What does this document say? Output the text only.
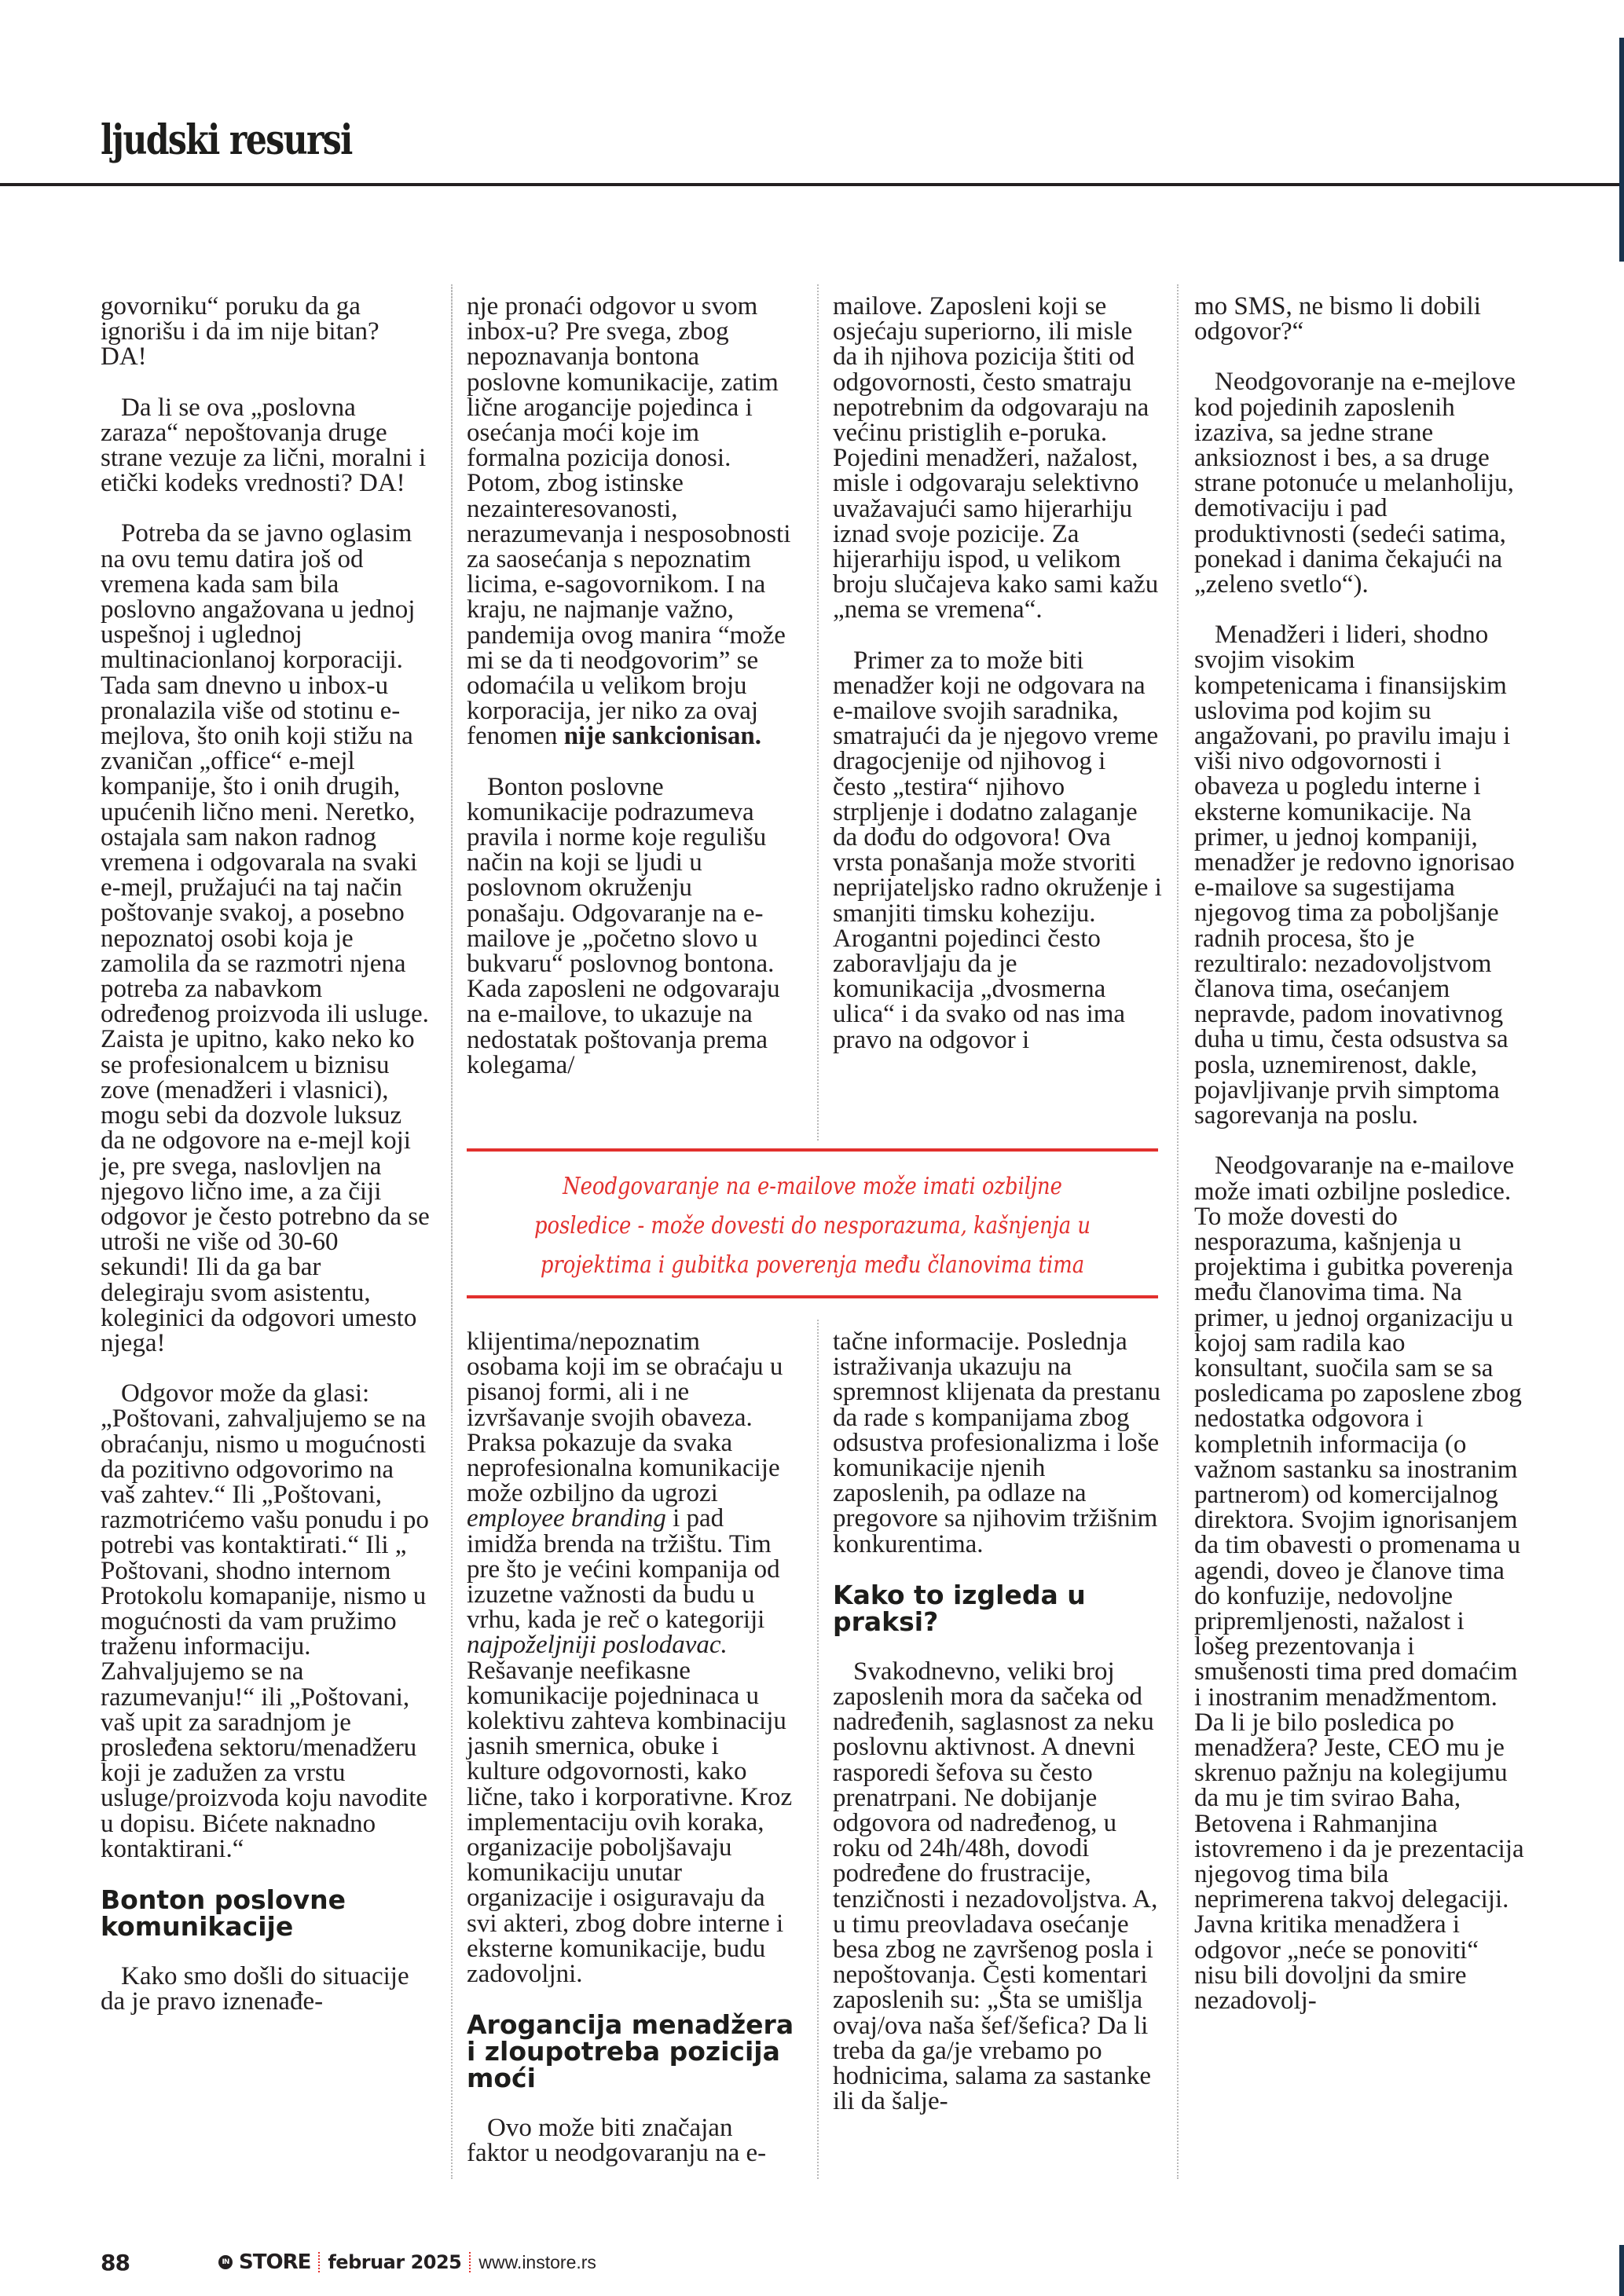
ljudski resursi

govorniku“ poruku da ga ignorišu i da im nije bitan? DA!

Da li se ova „poslovna zaraza“ nepoštovanja druge strane vezuje za lični, moralni i etički kodeks vrednosti? DA!

Potreba da se javno oglasim na ovu temu datira još od vremena kada sam bila poslovno angažovana u jednoj uspešnoj i uglednoj multinacionlanoj korporaciji. Tada sam dnevno u inbox-u pronalazila više od stotinu e-mejlova, što onih koji stižu na zvaničan „office“ e-mejl kompanije, što i onih drugih, upućenih lično meni. Neretko, ostajala sam nakon radnog vremena i odgovarala na svaki e-mejl, pružajući na taj način poštovanje svakoj, a posebno nepoznatoj osobi koja je zamolila da se razmotri njena potreba za nabavkom određenog proizvoda ili usluge. Zaista je upitno, kako neko ko se profesionalcem u biznisu zove (menadžeri i vlasnici), mogu sebi da dozvole luksuz da ne odgovore na e-mejl koji je, pre svega, naslovljen na njegovo lično ime, a za čiji odgovor je često potrebno da se utroši ne više od 30-60 sekundi! Ili da ga bar delegiraju svom asistentu, koleginici da odgovori umesto njega!

Odgovor može da glasi: „Poštovani, zahvaljujemo se na obraćanju, nismo u mogućnosti da pozitivno odgovorimo na vaš zahtev.“ Ili „Poštovani, razmotrićemo vašu ponudu i po potrebi vas kontaktirati.“ Ili „ Poštovani, shodno internom Protokolu komapanije, nismo u mogućnosti da vam pružimo traženu informaciju. Zahvaljujemo se na razumevanju!“ ili „Poštovani, vaš upit za saradnjom je prosleđena sektoru/menadžeru koji je zadužen za vrstu usluge/proizvoda koju navodite u dopisu. Bićete naknadno kontaktirani.“

Bonton poslovne komunikacije

Kako smo došli do situacije da je pravo iznenađe-

nje pronaći odgovor u svom inbox-u? Pre svega, zbog nepoznavanja bontona poslovne komunikacije, zatim lične arogancije pojedinca i osećanja moći koje im formalna pozicija donosi. Potom, zbog istinske nezainteresovanosti, nerazumevanja i nesposobnosti za saosećanja s nepoznatim licima, e-sagovornikom. I na kraju, ne najmanje važno, pandemija ovog manira “može mi se da ti neodgovorim” se odomaćila u velikom broju korporacija, jer niko za ovaj fenomen nije sankcionisan.

Bonton poslovne komunikacije podrazumeva pravila i norme koje regulišu način na koji se ljudi u poslovnom okruženju ponašaju. Odgovaranje na e-mailove je „početno slovo u bukvaru“ poslovnog bontona. Kada zaposleni ne odgovaraju na e-mailove, to ukazuje na nedostatak poštovanja prema kolegama/

mailove. Zaposleni koji se osjećaju superiorno, ili misle da ih njihova pozicija štiti od odgovornosti, često smatraju nepotrebnim da odgovaraju na većinu pristiglih e-poruka. Pojedini menadžeri, nažalost, misle i odgovaraju selektivno uvažavajući samo hijerarhiju iznad svoje pozicije. Za hijerarhiju ispod, u velikom broju slučajeva kako sami kažu „nema se vremena“.

Primer za to može biti menadžer koji ne odgovara na e-mailove svojih saradnika, smatrajući da je njegovo vreme dragocjenije od njihovog i često „testira“ njihovo strpljenje i dodatno zalaganje da dođu do odgovora! Ova vrsta ponašanja može stvoriti neprijateljsko radno okruženje i smanjiti timsku koheziju. Arogantni pojedinci često zaboravljaju da je komunikacija „dvosmerna ulica“ i da svako od nas ima pravo na odgovor i

mo SMS, ne bismo li dobili odgovor?“

Neodgovoranje na e-mejlove kod pojedinih zaposlenih izaziva, sa jedne strane anksioznost i bes, a sa druge strane potonuće u melanholiju, demotivaciju i pad produktivnosti (sedeći satima, ponekad i danima čekajući na „zeleno svetlo“).

Menadžeri i lideri, shodno svojim visokim kompetenicama i finansijskim uslovima pod kojim su angažovani, po pravilu imaju i viši nivo odgovornosti i obaveza u pogledu interne i eksterne komunikacije. Na primer, u jednoj kompaniji, menadžer je redovno ignorisao e-mailove sa sugestijama njegovog tima za poboljšanje radnih procesa, što je rezultiralo: nezadovoljstvom članova tima, osećanjem nepravde, padom inovativnog duha u timu, česta odsustva sa posla, uznemirenost, dakle, pojavljivanje prvih simptoma sagorevanja na poslu.

Neodgovaranje na e-mailove može imati ozbiljne posledice. To može dovesti do nesporazuma, kašnjenja u projektima i gubitka poverenja među članovima tima. Na primer, u jednoj organizaciju u kojoj sam radila kao konsultant, suočila sam se sa posledicama po zaposlene zbog nedostatka odgovora i kompletnih informacija (o važnom sastanku sa inostranim partnerom) od komercijalnog direktora. Svojim ignorisanjem da tim obavesti o promenama u agendi, doveo je članove tima do konfuzije, nedovoljne pripremljenosti, nažalost i lošeg prezentovanja i smušenosti tima pred domaćim i inostranim menadžmentom. Da li je bilo posledica po menadžera? Jeste, CEO mu je skrenuo pažnju na kolegijumu da mu je tim svirao Baha, Betovena i Rahmanjina istovremeno i da je prezentacija njegovog tima bila neprimerena takvoj delegaciji. Javna kritika menadžera i odgovor „neće se ponoviti“ nisu bili dovoljni da smire nezadovolj-

Neodgovaranje na e-mailove može imati ozbiljne
posledice - može dovesti do nesporazuma, kašnjenja u
projektima i gubitka poverenja među članovima tima

klijentima/nepoznatim osobama koji im se obraćaju u pisanoj formi, ali i ne izvršavanje svojih obaveza. Praksa pokazuje da svaka neprofesionalna komunikacije može ozbiljno da ugrozi employee branding i pad imidža brenda na tržištu. Tim pre što je većini kompanija od izuzetne važnosti da budu u vrhu, kada je reč o kategoriji najpoželjniji poslodavac. Rešavanje neefikasne komunikacije pojedninaca u kolektivu zahteva kombinaciju jasnih smernica, obuke i kulture odgovornosti, kako lične, tako i korporativne. Kroz implementaciju ovih koraka, organizacije poboljšavaju komunikaciju unutar organizacije i osiguravaju da svi akteri, zbog dobre interne i eksterne komunikacije, budu zadovoljni.

Arogancija menadžera i zloupotreba pozicija moći

Ovo može biti značajan faktor u neodgovaranju na e-

tačne informacije. Poslednja istraživanja ukazuju na spremnost klijenata da prestanu da rade s kompanijama zbog odsustva profesionalizma i loše komunikacije njenih zaposlenih, pa odlaze na pregovore sa njihovim tržišnim konkurentima.

Kako to izgleda u praksi?

Svakodnevno, veliki broj zaposlenih mora da sačeka od nadređenih, saglasnost za neku poslovnu aktivnost. A dnevni rasporedi šefova su često prenatrpani. Ne dobijanje odgovora od nadređenog, u roku od 24h/48h, dovodi podređene do frustracije, tenzičnosti i nezadovoljstva. A, u timu preovladava osećanje besa zbog ne završenog posla i nepoštovanja. Česti komentari zaposlenih su: „Šta se umišlja ovaj/ova naša šef/šefica? Da li treba da ga/je vrebamo po hodnicima, salama za sastanke ili da šalje-

88	IN STORE februar 2025 www.instore.rs
